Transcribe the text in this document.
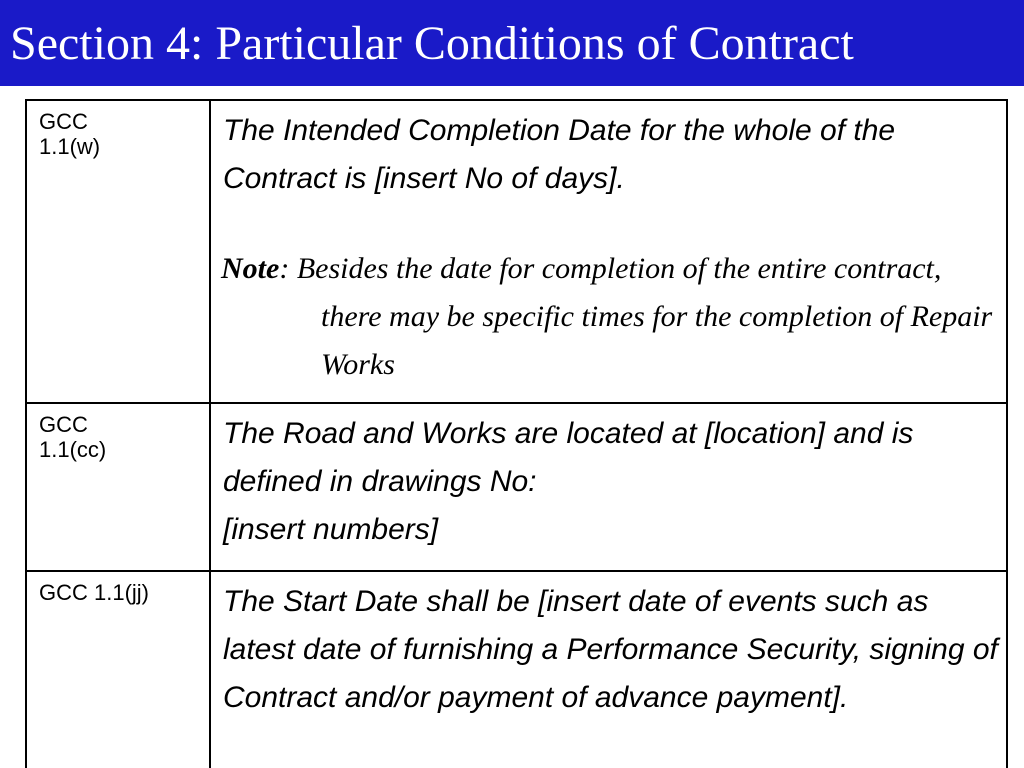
Section 4: Particular Conditions of Contract
GCC 1.1(w)	The Intended Completion Date for the whole of the Contract is [insert No of days].
Note: Besides the date for completion of the entire contract, there may be specific times for the completion of Repair Works

GCC 1.1(cc)	The Road and Works are located at [location] and is defined in drawings No:
[insert numbers]

GCC 1.1(jj)	The Start Date shall be [insert date of events such as latest date of furnishing a Performance Security, signing of Contract and/or payment of advance payment].
